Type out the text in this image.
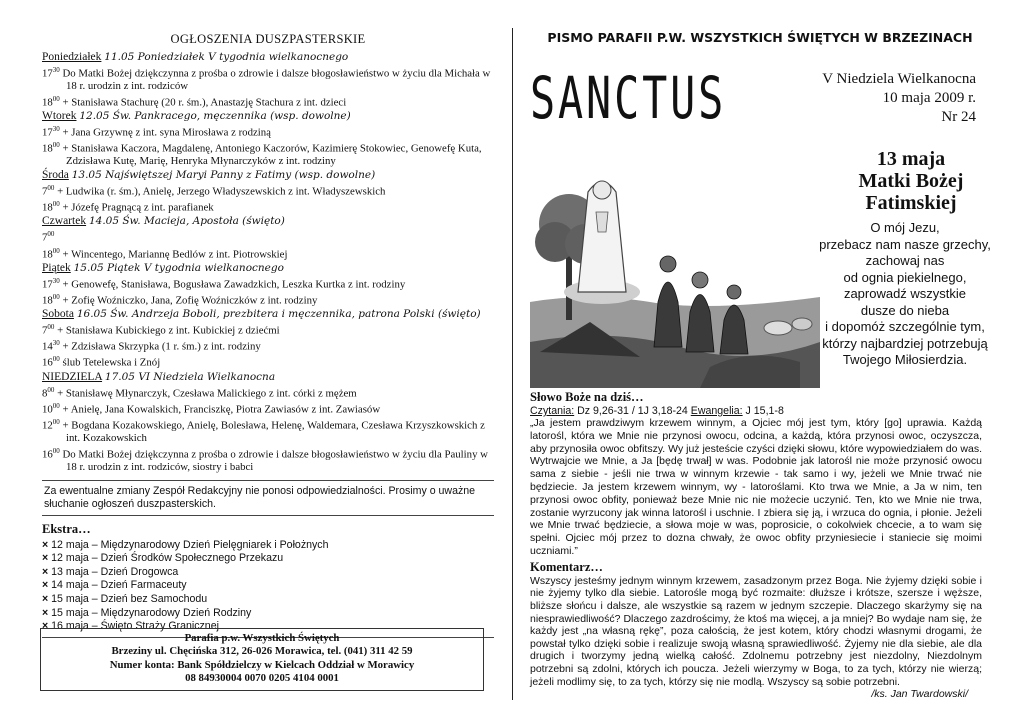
OGŁOSZENIA DUSZPASTERSKIE
Poniedziałek 11.05 Poniedziałek V tygodnia wielkanocnego
$17^{30}$ Do Matki Bożej dziękczynna z prośba o zdrowie i dalsze błogosławieństwo w życiu dla Michała w 18 r. urodzin z int. rodziców
$18^{00}$ + Stanisława Stachurę (20 r. śm.), Anastazję Stachura z int. dzieci
Wtorek 12.05 Św. Pankracego, męczennika (wsp. dowolne)
$17^{30}$ + Jana Grzywnę z int. syna Mirosława z rodziną
$18^{00}$ + Stanisława Kaczora, Magdalenę, Antoniego Kaczorów, Kazimierę Stokowiec, Genowefę Kuta, Zdzisława Kutę, Marię, Henryka Młynarczyków z int. rodziny
Środa 13.05 Najświętszej Maryi Panny z Fatimy (wsp. dowolne)
$7^{00}$ + Ludwika (r. śm.), Anielę, Jerzego Władyszewskich z int. Władyszewskich
$18^{00}$ + Józefę Pragnącą z int. parafianek
Czwartek 14.05 Św. Macieja, Apostoła (święto)
$7^{00}$
$18^{00}$ + Wincentego, Mariannę Bedlów z int. Piotrowskiej
Piątek 15.05 Piątek V tygodnia wielkanocnego
$17^{30}$ + Genowefę, Stanisława, Bogusława Zawadzkich, Leszka Kurtka z int. rodziny
$18^{00}$ + Zofię Woźniczko, Jana, Zofię Woźniczków z int. rodziny
Sobota 16.05 Św. Andrzeja Boboli, prezbitera i męczennika, patrona Polski (święto)
$7^{00}$ + Stanisława Kubickiego z int. Kubickiej z dziećmi
$14^{30}$ + Zdzisława Skrzypka (1 r. śm.) z int. rodziny
$16^{00}$ ślub Tetelewska i Znój
NIEDZIELA 17.05 VI Niedziela Wielkanocna
$8^{00}$ + Stanisławę Młynarczyk, Czesława Malickiego z int. córki z mężem
$10^{00}$ + Anielę, Jana Kowalskich, Franciszkę, Piotra Zawiasów z int. Zawiasów
$12^{00}$ + Bogdana Kozakowskiego, Anielę, Bolesława, Helenę, Waldemara, Czesława Krzyszkowskich z int. Kozakowskich
$16^{00}$ Do Matki Bożej dziękczynna z prośba o zdrowie i dalsze błogosławieństwo w życiu dla Pauliny w 18 r. urodzin z int. rodziców, siostry i babci
Za ewentualne zmiany Zespół Redakcyjny nie ponosi odpowiedzialności. Prosimy o uważne słuchanie ogłoszeń duszpasterskich.
Ekstra…
× 12 maja – Międzynarodowy Dzień Pielęgniarek i Położnych
× 12 maja – Dzień Środków Społecznego Przekazu
× 13 maja – Dzień Drogowca
× 14 maja – Dzień Farmaceuty
× 15 maja – Dzień bez Samochodu
× 15 maja – Międzynarodowy Dzień Rodziny
× 16 maja – Święto Straży Granicznej
Parafia p.w. Wszystkich Świętych
Brzeziny ul. Chęcińska 312, 26-026 Morawica, tel. (041) 311 42 59
Numer konta: Bank Spółdzielczy w Kielcach Oddział w Morawicy
08 84930004 0070 0205 4104 0001
PISMO PARAFII P.W. WSZYSTKICH ŚWIĘTYCH W BRZEZINACH
SANCTUS	V Niedziela Wielkanocna
10 maja 2009 r.
Nr 24
13 maja
Matki Bożej
Fatimskiej
O mój Jezu,
przebacz nam nasze grzechy,
zachowaj nas
od ognia piekielnego,
zaprowadź wszystkie
dusze do nieba
i dopomóż szczególnie tym,
którzy najbardziej potrzebują
Twojego Miłosierdzia.
Słowo Boże na dziś…
Czytania: Dz 9,26-31 / 1J 3,18-24 Ewangelia: J 15,1-8
„Ja jestem prawdziwym krzewem winnym, a Ojciec mój jest tym, który [go] uprawia. Każdą latorośl, która we Mnie nie przynosi owocu, odcina, a każdą, która przynosi owoc, oczyszcza, aby przynosiła owoc obfitszy. Wy już jesteście czyści dzięki słowu, które wypowiedziałem do was. Wytrwajcie we Mnie, a Ja [będę trwał] w was. Podobnie jak latorośl nie może przynosić owocu sama z siebie - jeśli nie trwa w winnym krzewie - tak samo i wy, jeżeli we Mnie trwać nie będziecie. Ja jestem krzewem winnym, wy - latoroślami. Kto trwa we Mnie, a Ja w nim, ten przynosi owoc obfity, ponieważ beze Mnie nic nie możecie uczynić. Ten, kto we Mnie nie trwa, zostanie wyrzucony jak winna latorośl i uschnie. I zbiera się ją, i wrzuca do ognia, i płonie. Jeżeli we Mnie trwać będziecie, a słowa moje w was, poprosicie, o cokolwiek chcecie, a to wam się spełni. Ojciec mój przez to dozna chwały, że owoc obfity przyniesiecie i staniecie się moimi uczniami.”
Komentarz…
Wszyscy jesteśmy jednym winnym krzewem, zasadzonym przez Boga. Nie żyjemy dzięki sobie i nie żyjemy tylko dla siebie. Latorośle mogą być rozmaite: dłuższe i krótsze, szersze i węższe, bliższe słońcu i dalsze, ale wszystkie są razem w jednym szczepie. Dlaczego skarżymy się na niesprawiedliwość? Dlaczego zazdrościmy, że ktoś ma więcej, a ja mniej? Bo wydaje nam się, że każdy jest „na własną rękę”, poza całością, że jest kotem, który chodzi własnymi drogami, że powstał tylko dzięki sobie i realizuje swoją własną sprawiedliwość. Żyjemy nie dla siebie, ale dla drugich i tworzymy jedną wielką całość. Zdolnemu potrzebny jest niezdolny, Niezdolnym potrzebni są zdolni, których ich poucza. Jeżeli wierzymy w Boga, to za tych, którzy nie wierzą; jeżeli modlimy się, to za tych, którzy się nie modlą. Wszyscy są sobie potrzebni.
/ks. Jan Twardowski/
